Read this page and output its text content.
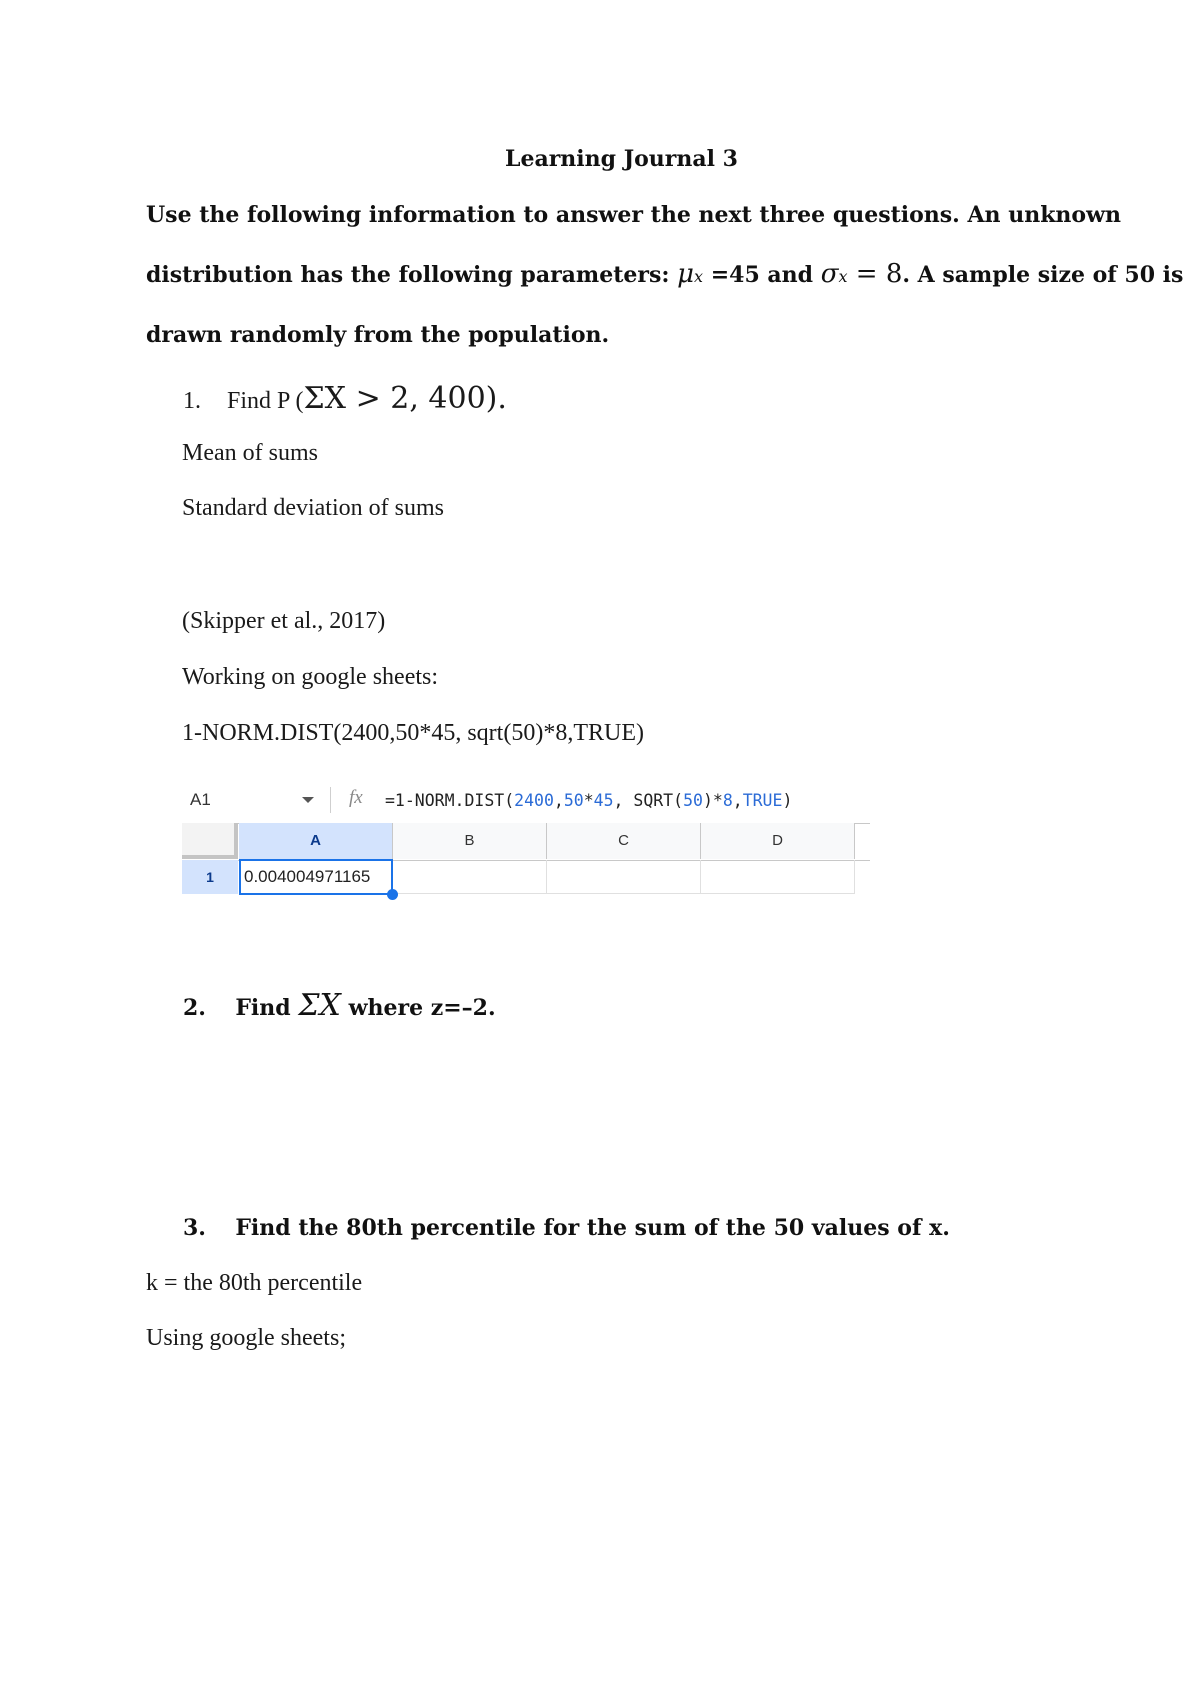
Learning Journal 3
Use the following information to answer the next three questions. An unknown
distribution has the following parameters: μx =45 and σx = 8. A sample size of 50 is
drawn randomly from the population.
1. Find P (ΣX > 2, 400).
Mean of sums
Standard deviation of sums
(Skipper et al., 2017)
Working on google sheets:
1-NORM.DIST(2400,50*45, sqrt(50)*8,TRUE)
A1	fx =1-NORM.DIST(2400,50*45, SQRT(50)*8,TRUE)
A	B	C	D
1	0.004004971165
2. Find ΣX where z=–2.
3. Find the 80th percentile for the sum of the 50 values of x.
k = the 80th percentile
Using google sheets;
